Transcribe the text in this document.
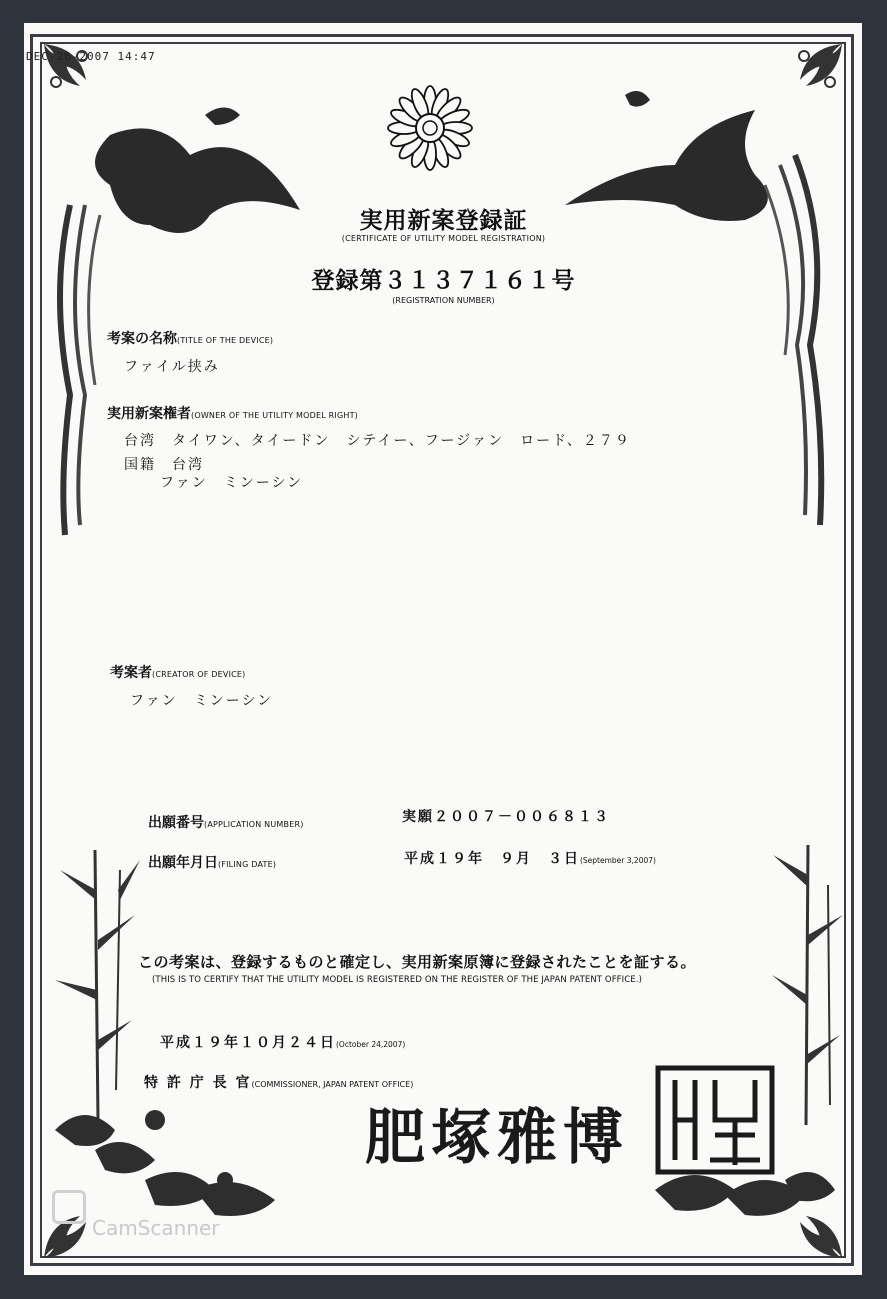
DEC-26-2007 14:47
実用新案登録証
(CERTIFICATE OF UTILITY MODEL REGISTRATION)
登録第３１３７１６１号
(REGISTRATION NUMBER)
考案の名称(TITLE OF THE DEVICE)
ファイル挟み
実用新案権者(OWNER OF THE UTILITY MODEL RIGHT)
台湾　タイワン、タイードン　シテイー、フージァン　ロード、２７９
国籍　台湾
ファン　ミンーシン
考案者(CREATOR OF DEVICE)
ファン　ミンーシン
出願番号(APPLICATION NUMBER)	実願２００７－００６８１３
出願年月日(FILING DATE)	平成１９年　９月　３日(September 3,2007)
この考案は、登録するものと確定し、実用新案原簿に登録されたことを証する。
(THIS IS TO CERTIFY THAT THE UTILITY MODEL IS REGISTERED ON THE REGISTER OF THE JAPAN PATENT OFFICE.)
平成１９年１０月２４日(October 24,2007)
特 許 庁 長 官(COMMISSIONER, JAPAN PATENT OFFICE)
肥塚雅博
CamScanner
